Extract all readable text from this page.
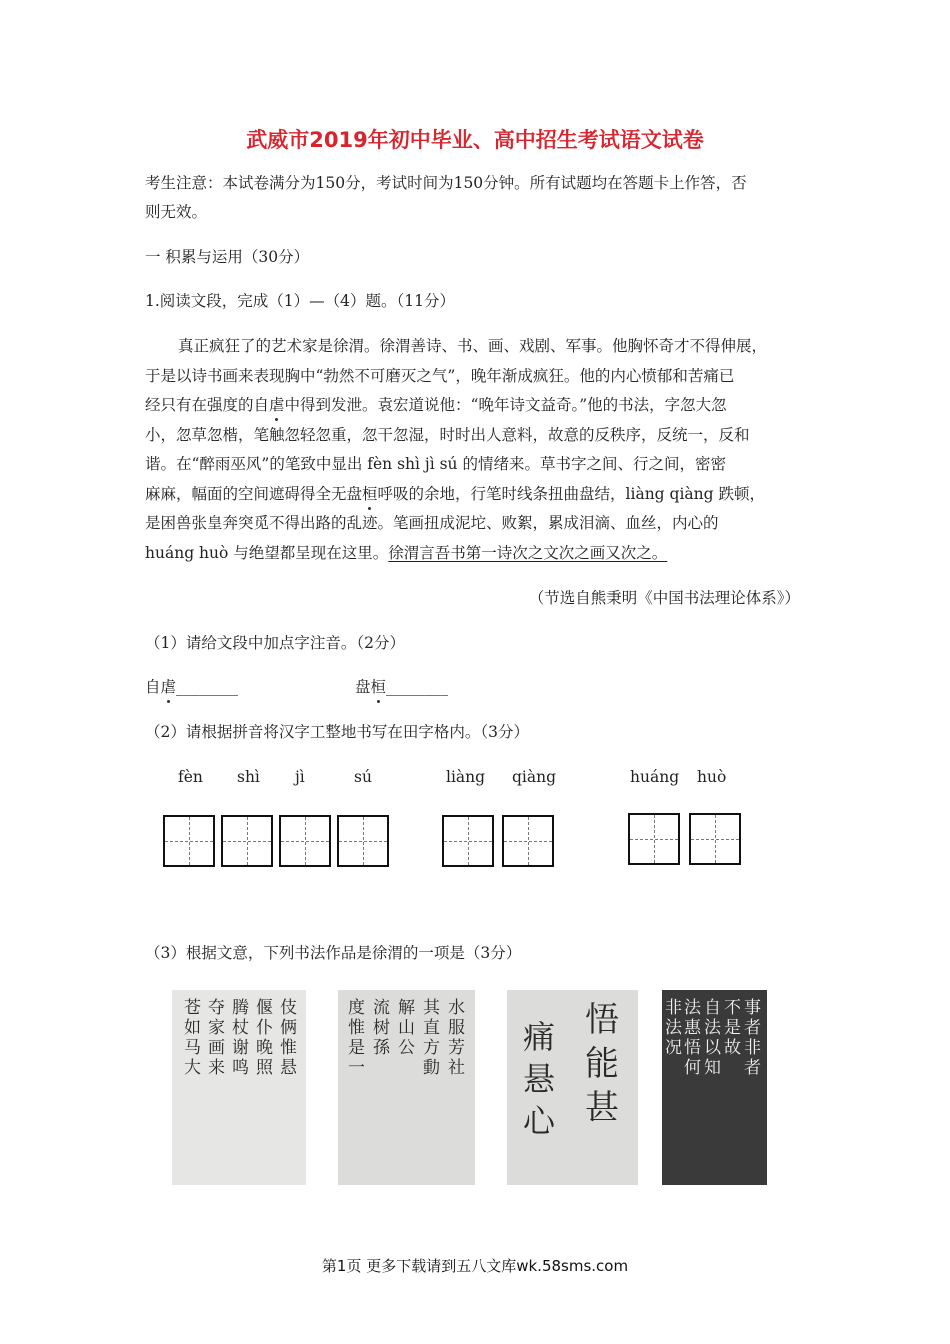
武威市2019年初中毕业、高中招生考试语文试卷
考生注意：本试卷满分为150分，考试时间为150分钟。所有试题均在答题卡上作答，否
则无效。
一 积累与运用（30分）
1.阅读文段，完成（1）—（4）题。（11分）
真正疯狂了的艺术家是徐渭。徐渭善诗、书、画、戏剧、军事。他胸怀奇才不得伸展，
于是以诗书画来表现胸中“勃然不可磨灭之气”，晚年渐成疯狂。他的内心愤郁和苦痛已
经只有在强度的自虐中得到发泄。袁宏道说他：“晚年诗文益奇。”他的书法，字忽大忽
小，忽草忽楷，笔触忽轻忽重，忽干忽湿，时时出人意料，故意的反秩序，反统一，反和
谐。在“醉雨巫风”的笔致中显出 fèn shì jì sú 的情绪来。草书字之间、行之间，密密
麻麻，幅面的空间遮碍得全无盘桓呼吸的余地，行笔时线条扭曲盘结，liàng qiàng 跌顿，
是困兽张皇奔突觅不得出路的乱迹。笔画扭成泥坨、败絮，累成泪滴、血丝，内心的
huáng huò 与绝望都呈现在这里。徐渭言吾书第一诗次之文次之画又次之。
（节选自熊秉明《中国书法理论体系》）
（1）请给文段中加点字注音。（2分）
自虐________	盘桓________
（2）请根据拼音将汉字工整地书写在田字格内。（3分）
fèn shì jì	sú	liàng qiàng	huáng huò
（3）根据文意，下列书法作品是徐渭的一项是（3分）
伎俩惟悬
偃仆晚照
腾杖谢鸣
夺家画来
苍如马大
水服芳社
其直方動
解山公
流树孫
度惟是一
悟能甚
痛悬心
事者非者
不是故
自法以知
法惠悟何
非法况
第1页 更多下载请到五八文库wk.58sms.com
